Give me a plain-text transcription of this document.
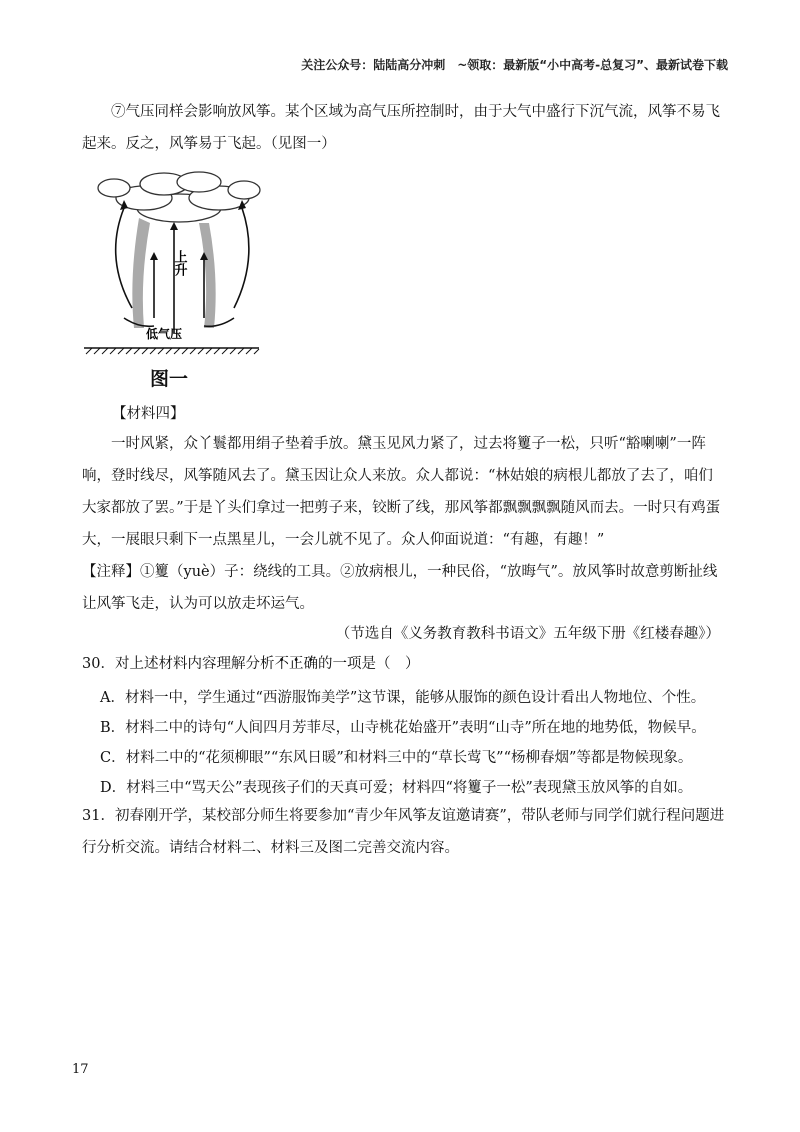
关注公众号：陆陆高分冲刺　~领取：最新版“小中高考-总复习”、最新试卷下载
⑦气压同样会影响放风筝。某个区域为高气压所控制时，由于大气中盛行下沉气流，风筝不易飞起来。反之，风筝易于飞起。（见图一）
上升
低气压
图一
【材料四】
一时风紧，众丫鬟都用绢子垫着手放。黛玉见风力紧了，过去将籰子一松，只听“豁喇喇”一阵响，登时线尽，风筝随风去了。黛玉因让众人来放。众人都说：“林姑娘的病根儿都放了去了，咱们大家都放了罢。”于是丫头们拿过一把剪子来，铰断了线，那风筝都飘飘飘飘随风而去。一时只有鸡蛋大，一展眼只剩下一点黑星儿，一会儿就不见了。众人仰面说道：“有趣，有趣！”
【注释】①籰（yuè）子：绕线的工具。②放病根儿，一种民俗，“放晦气”。放风筝时故意剪断扯线让风筝飞走，认为可以放走坏运气。
（节选自《义务教育教科书语文》五年级下册《红楼春趣》）
30．对上述材料内容理解分析不正确的一项是（　）
A．材料一中，学生通过“西游服饰美学”这节课，能够从服饰的颜色设计看出人物地位、个性。
B．材料二中的诗句“人间四月芳菲尽，山寺桃花始盛开”表明“山寺”所在地的地势低，物候早。
C．材料二中的“花须柳眼”“东风日暖”和材料三中的“草长莺飞”“杨柳春烟”等都是物候现象。
D．材料三中“骂天公”表现孩子们的天真可爱；材料四“将籰子一松”表现黛玉放风筝的自如。
31．初春刚开学，某校部分师生将要参加“青少年风筝友谊邀请赛”，带队老师与同学们就行程问题进行分析交流。请结合材料二、材料三及图二完善交流内容。
17
